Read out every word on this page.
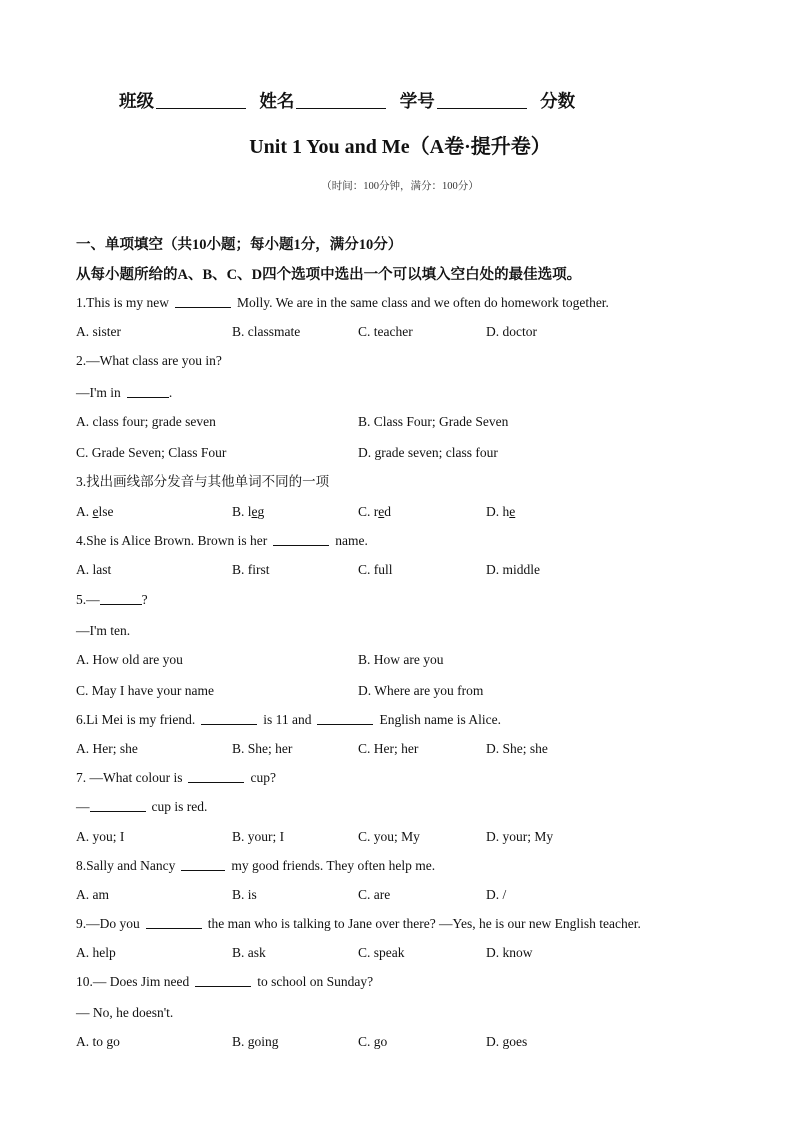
班级	姓名	学号	分数
Unit 1 You and Me（A卷·提升卷）
（时间：100分钟，满分：100分）
一、单项填空（共10小题；每小题1分，满分10分）
从每小题所给的A、B、C、D四个选项中选出一个可以填入空白处的最佳选项。
1.This is my new	Molly. We are in the same class and we often do homework together.
A. sister	B. classmate	C. teacher	D. doctor
2.—What class are you in?
—I'm in	.
A. class four; grade seven	B. Class Four; Grade Seven
C. Grade Seven; Class Four	D. grade seven; class four
3.找出画线部分发音与其他单词不同的一项
A. else	B. leg	C. red	D. he
4.She is Alice Brown. Brown is her	name.
A. last	B. first	C. full	D. middle
5.—	?
—I'm ten.
A. How old are you	B. How are you
C. May I have your name	D. Where are you from
6.Li Mei is my friend.	is 11 and	English name is Alice.
A. Her; she	B. She; her	C. Her; her	D. She; she
7. —What colour is	cup?
—	cup is red.
A. you; I	B. your; I	C. you; My	D. your; My
8.Sally and Nancy	my good friends. They often help me.
A. am	B. is	C. are	D. /
9.—Do you	the man who is talking to Jane over there? —Yes, he is our new English teacher.
A. help	B. ask	C. speak	D. know
10.— Does Jim need	to school on Sunday?
— No, he doesn't.
A. to go	B. going	C. go	D. goes
